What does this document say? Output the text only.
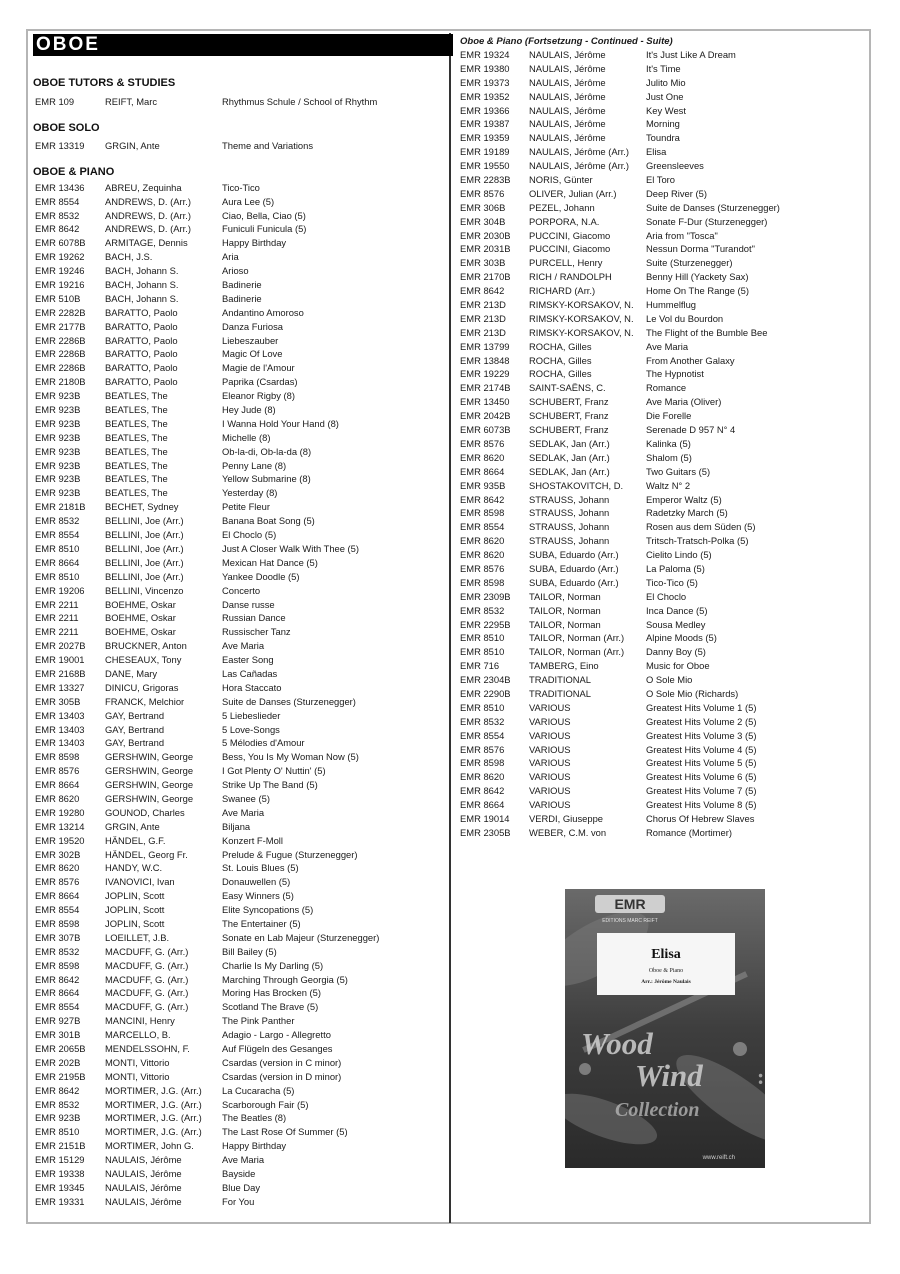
OBOE
OBOE TUTORS & STUDIES
EMR 109	REIFT, Marc	Rhythmus Schule / School of Rhythm
OBOE SOLO
EMR 13319	GRGIN, Ante	Theme and Variations
OBOE & PIANO
EMR 13436	ABREU, Zequinha	Tico-Tico
EMR 8554	ANDREWS, D. (Arr.)	Aura Lee (5)
EMR 8532	ANDREWS, D. (Arr.)	Ciao, Bella, Ciao (5)
EMR 8642	ANDREWS, D. (Arr.)	Funiculi Funicula (5)
EMR 6078B	ARMITAGE, Dennis	Happy Birthday
EMR 19262	BACH, J.S.	Aria
EMR 19246	BACH, Johann S.	Arioso
EMR 19216	BACH, Johann S.	Badinerie
EMR 510B	BACH, Johann S.	Badinerie
EMR 2282B	BARATTO, Paolo	Andantino Amoroso
EMR 2177B	BARATTO, Paolo	Danza Furiosa
EMR 2286B	BARATTO, Paolo	Liebeszauber
EMR 2286B	BARATTO, Paolo	Magic Of Love
EMR 2286B	BARATTO, Paolo	Magie de l'Amour
EMR 2180B	BARATTO, Paolo	Paprika (Csardas)
EMR 923B	BEATLES, The	Eleanor Rigby (8)
EMR 923B	BEATLES, The	Hey Jude (8)
EMR 923B	BEATLES, The	I Wanna Hold Your Hand (8)
EMR 923B	BEATLES, The	Michelle (8)
EMR 923B	BEATLES, The	Ob-la-di, Ob-la-da (8)
EMR 923B	BEATLES, The	Penny Lane (8)
EMR 923B	BEATLES, The	Yellow Submarine (8)
EMR 923B	BEATLES, The	Yesterday (8)
EMR 2181B	BECHET, Sydney	Petite Fleur
EMR 8532	BELLINI, Joe (Arr.)	Banana Boat Song (5)
EMR 8554	BELLINI, Joe (Arr.)	El Choclo (5)
EMR 8510	BELLINI, Joe (Arr.)	Just A Closer Walk With Thee (5)
EMR 8664	BELLINI, Joe (Arr.)	Mexican Hat Dance (5)
EMR 8510	BELLINI, Joe (Arr.)	Yankee Doodle (5)
EMR 19206	BELLINI, Vincenzo	Concerto
EMR 2211	BOEHME, Oskar	Danse russe
EMR 2211	BOEHME, Oskar	Russian Dance
EMR 2211	BOEHME, Oskar	Russischer Tanz
EMR 2027B	BRUCKNER, Anton	Ave Maria
EMR 19001	CHESEAUX, Tony	Easter Song
EMR 2168B	DANE, Mary	Las Cañadas
EMR 13327	DINICU, Grigoras	Hora Staccato
EMR 305B	FRANCK, Melchior	Suite de Danses (Sturzenegger)
EMR 13403	GAY, Bertrand	5 Liebeslieder
EMR 13403	GAY, Bertrand	5 Love-Songs
EMR 13403	GAY, Bertrand	5 Mélodies d'Amour
EMR 8598	GERSHWIN, George	Bess, You Is My Woman Now (5)
EMR 8576	GERSHWIN, George	I Got Plenty O' Nuttin' (5)
EMR 8664	GERSHWIN, George	Strike Up The Band (5)
EMR 8620	GERSHWIN, George	Swanee (5)
EMR 19280	GOUNOD, Charles	Ave Maria
EMR 13214	GRGIN, Ante	Biljana
EMR 19520	HÄNDEL, G.F.	Konzert F-Moll
EMR 302B	HÄNDEL, Georg Fr.	Prelude & Fugue (Sturzenegger)
EMR 8620	HANDY, W.C.	St. Louis Blues (5)
EMR 8576	IVANOVICI, Ivan	Donauwellen (5)
EMR 8664	JOPLIN, Scott	Easy Winners (5)
EMR 8554	JOPLIN, Scott	Elite Syncopations (5)
EMR 8598	JOPLIN, Scott	The Entertainer (5)
EMR 307B	LOEILLET, J.B.	Sonate en Lab Majeur (Sturzenegger)
EMR 8532	MACDUFF, G. (Arr.)	Bill Bailey (5)
EMR 8598	MACDUFF, G. (Arr.)	Charlie Is My Darling (5)
EMR 8642	MACDUFF, G. (Arr.)	Marching Through Georgia (5)
EMR 8664	MACDUFF, G. (Arr.)	Moring Has Brocken (5)
EMR 8554	MACDUFF, G. (Arr.)	Scotland The Brave (5)
EMR 927B	MANCINI, Henry	The Pink Panther
EMR 301B	MARCELLO, B.	Adagio - Largo - Allegretto
EMR 2065B	MENDELSSOHN, F.	Auf Flügeln des Gesanges
EMR 202B	MONTI, Vittorio	Csardas (version in C minor)
EMR 2195B	MONTI, Vittorio	Csardas (version in D minor)
EMR 8642	MORTIMER, J.G. (Arr.)	La Cucaracha (5)
EMR 8532	MORTIMER, J.G. (Arr.)	Scarborough Fair (5)
EMR 923B	MORTIMER, J.G. (Arr.)	The Beatles (8)
EMR 8510	MORTIMER, J.G. (Arr.)	The Last Rose Of Summer (5)
EMR 2151B	MORTIMER, John G.	Happy Birthday
EMR 15129	NAULAIS, Jérôme	Ave Maria
EMR 19338	NAULAIS, Jérôme	Bayside
EMR 19345	NAULAIS, Jérôme	Blue Day
EMR 19331	NAULAIS, Jérôme	For You
Oboe & Piano (Fortsetzung - Continued - Suite)
EMR 19324	NAULAIS, Jérôme	It's Just Like A Dream
EMR 19380	NAULAIS, Jérôme	It's Time
EMR 19373	NAULAIS, Jérôme	Julito Mio
EMR 19352	NAULAIS, Jérôme	Just One
EMR 19366	NAULAIS, Jérôme	Key West
EMR 19387	NAULAIS, Jérôme	Morning
EMR 19359	NAULAIS, Jérôme	Toundra
EMR 19189	NAULAIS, Jérôme (Arr.)	Elisa
EMR 19550	NAULAIS, Jérôme (Arr.)	Greensleeves
EMR 2283B	NORIS, Günter	El Toro
EMR 8576	OLIVER, Julian (Arr.)	Deep River (5)
EMR 306B	PEZEL, Johann	Suite de Danses (Sturzenegger)
EMR 304B	PORPORA, N.A.	Sonate F-Dur (Sturzenegger)
EMR 2030B	PUCCINI, Giacomo	Aria from "Tosca"
EMR 2031B	PUCCINI, Giacomo	Nessun Dorma "Turandot"
EMR 303B	PURCELL, Henry	Suite (Sturzenegger)
EMR 2170B	RICH / RANDOLPH	Benny Hill (Yackety Sax)
EMR 8642	RICHARD (Arr.)	Home On The Range (5)
EMR 213D	RIMSKY-KORSAKOV, N.	Hummelflug
EMR 213D	RIMSKY-KORSAKOV, N.	Le Vol du Bourdon
EMR 213D	RIMSKY-KORSAKOV, N.	The Flight of the Bumble Bee
EMR 13799	ROCHA, Gilles	Ave Maria
EMR 13848	ROCHA, Gilles	From Another Galaxy
EMR 19229	ROCHA, Gilles	The Hypnotist
EMR 2174B	SAINT-SAËNS, C.	Romance
EMR 13450	SCHUBERT, Franz	Ave Maria (Oliver)
EMR 2042B	SCHUBERT, Franz	Die Forelle
EMR 6073B	SCHUBERT, Franz	Serenade D 957 N° 4
EMR 8576	SEDLAK, Jan (Arr.)	Kalinka (5)
EMR 8620	SEDLAK, Jan (Arr.)	Shalom (5)
EMR 8664	SEDLAK, Jan (Arr.)	Two Guitars (5)
EMR 935B	SHOSTAKOVITCH, D.	Waltz N° 2
EMR 8642	STRAUSS, Johann	Emperor Waltz (5)
EMR 8598	STRAUSS, Johann	Radetzky March (5)
EMR 8554	STRAUSS, Johann	Rosen aus dem Süden (5)
EMR 8620	STRAUSS, Johann	Tritsch-Tratsch-Polka (5)
EMR 8620	SUBA, Eduardo (Arr.)	Cielito Lindo (5)
EMR 8576	SUBA, Eduardo (Arr.)	La Paloma (5)
EMR 8598	SUBA, Eduardo (Arr.)	Tico-Tico (5)
EMR 2309B	TAILOR, Norman	El Choclo
EMR 8532	TAILOR, Norman	Inca Dance (5)
EMR 2295B	TAILOR, Norman	Sousa Medley
EMR 8510	TAILOR, Norman (Arr.)	Alpine Moods (5)
EMR 8510	TAILOR, Norman (Arr.)	Danny Boy (5)
EMR 716	TAMBERG, Eino	Music for Oboe
EMR 2304B	TRADITIONAL	O Sole Mio
EMR 2290B	TRADITIONAL	O Sole Mio (Richards)
EMR 8510	VARIOUS	Greatest Hits Volume 1 (5)
EMR 8532	VARIOUS	Greatest Hits Volume 2 (5)
EMR 8554	VARIOUS	Greatest Hits Volume 3 (5)
EMR 8576	VARIOUS	Greatest Hits Volume 4 (5)
EMR 8598	VARIOUS	Greatest Hits Volume 5 (5)
EMR 8620	VARIOUS	Greatest Hits Volume 6 (5)
EMR 8642	VARIOUS	Greatest Hits Volume 7 (5)
EMR 8664	VARIOUS	Greatest Hits Volume 8 (5)
EMR 19014	VERDI, Giuseppe	Chorus Of Hebrew Slaves
EMR 2305B	WEBER, C.M. von	Romance (Mortimer)
EMR
EDITIONS MARC REIFT
Elisa
Oboe & Piano
Arr.: Jérôme Naulais
Wood
Wind :
Collection
www.reift.ch
